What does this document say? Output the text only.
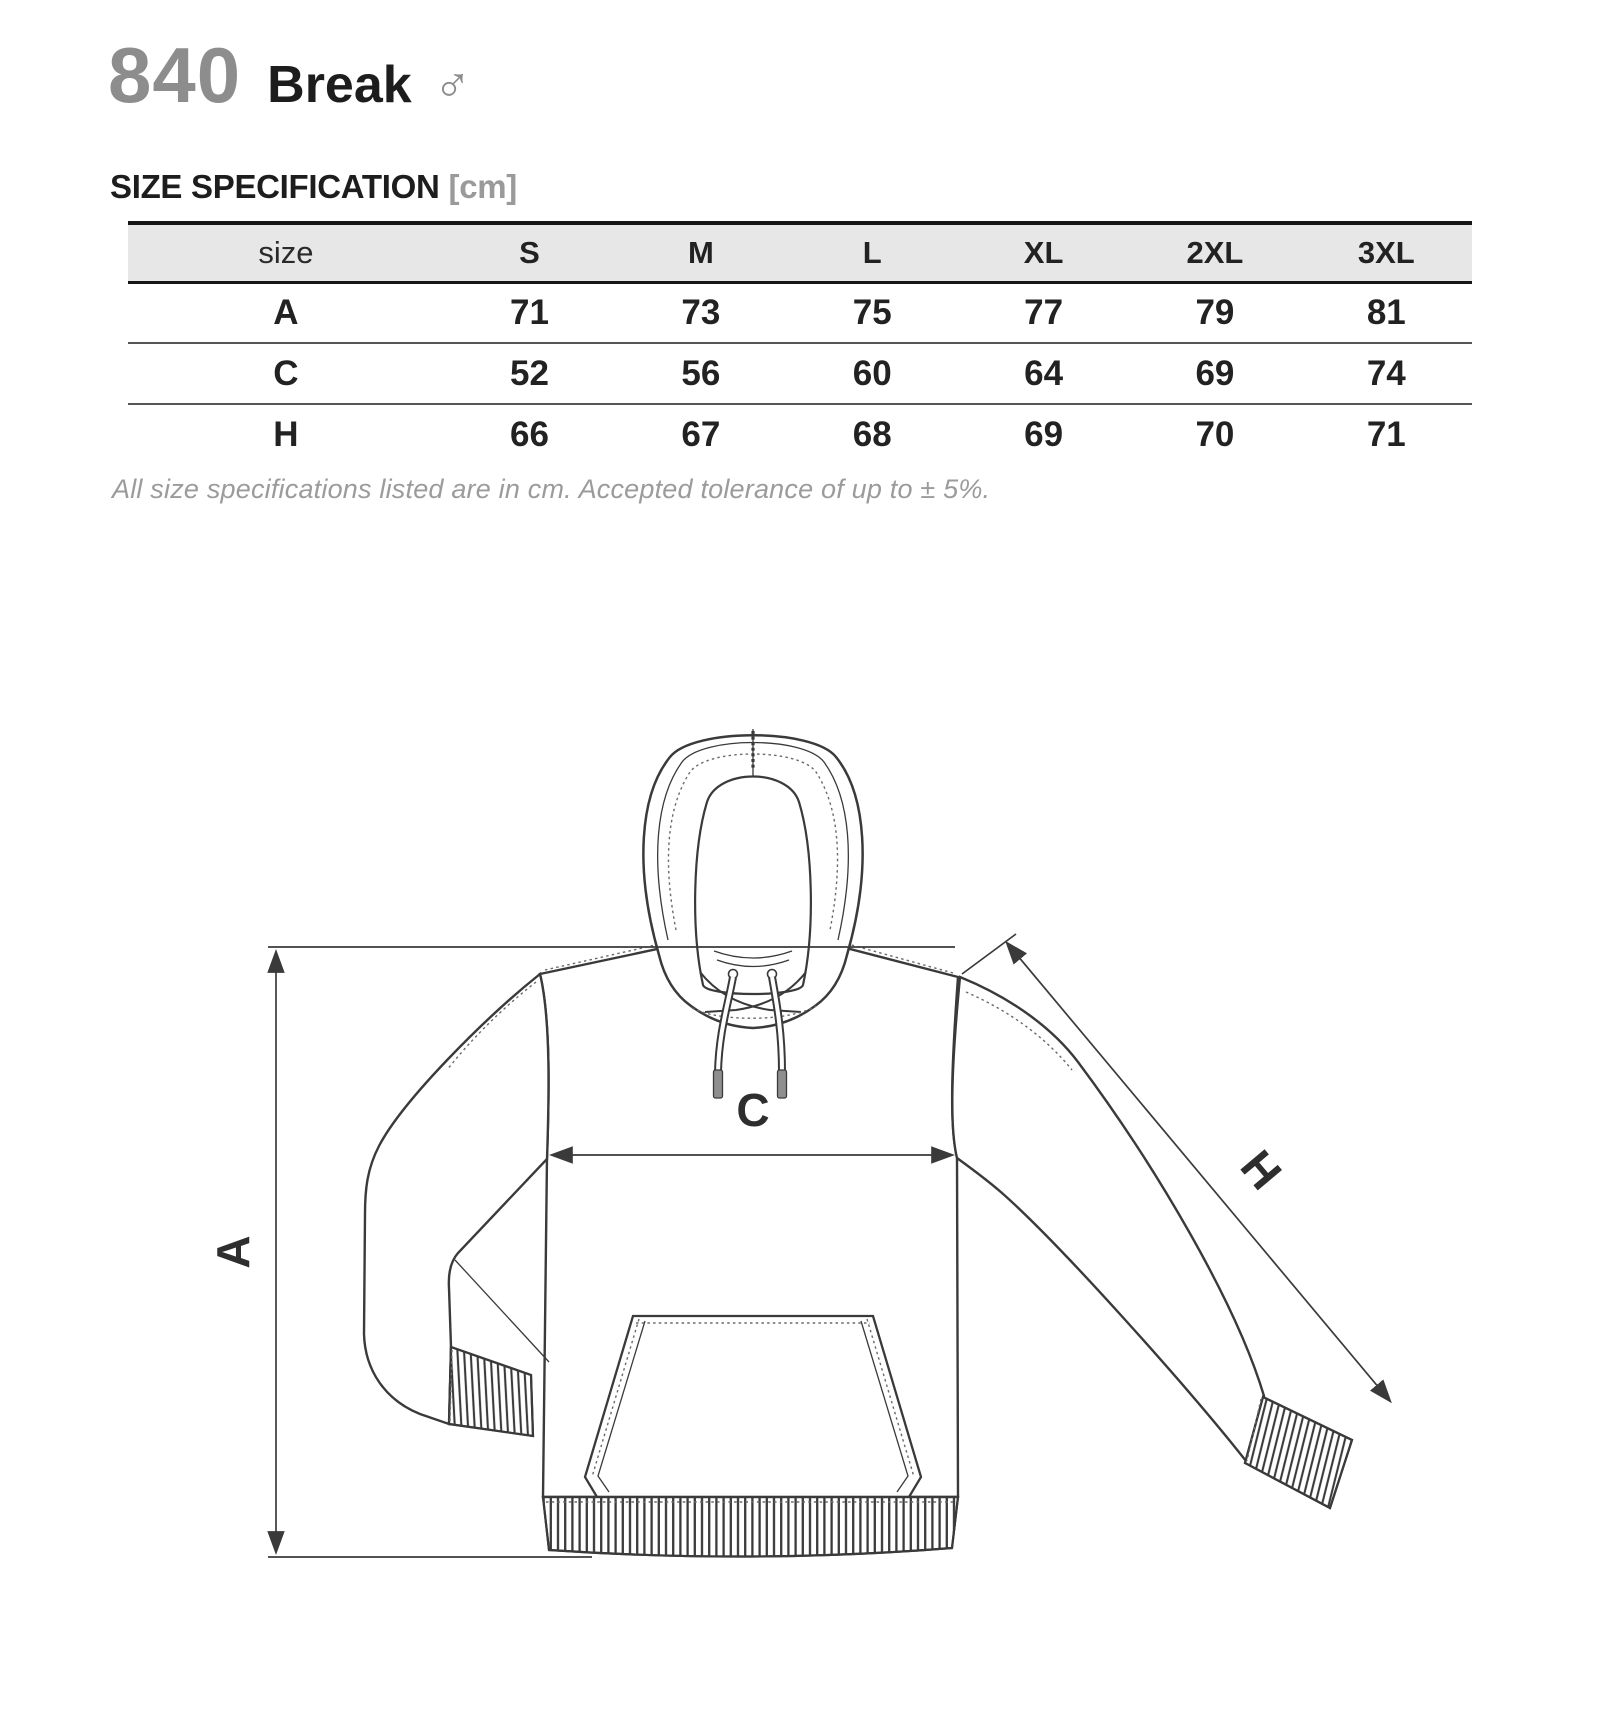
840 Break ♂
SIZE SPECIFICATION [cm]
size	S	M	L	XL	2XL	3XL
A	71	73	75	77	79	81
C	52	56	60	64	69	74
H	66	67	68	69	70	71

All size specifications listed are in cm. Accepted tolerance of up to ± 5%.

A
C
H
